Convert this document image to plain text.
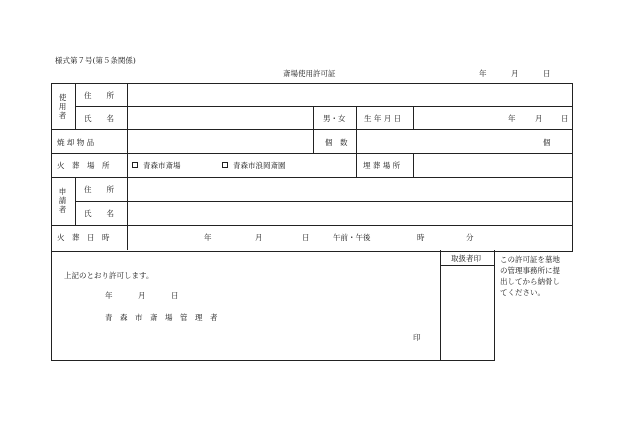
様式第７号(第５条関係)
斎場使用許可証	年	月	日
使
用
者
住　　所
氏　　名	男・女 生 年 月 日	年	月 日
焼 却 物 品	個　数	個
火　葬　場　所	青森市斎場	青森市浪岡斎園	埋 葬 場 所
申
請
者
住　　所
氏　　名
火　葬　日　時	年	月	日	午前・午後	時	分
取扱者印
上記のとおり許可します。
年	月	日
青　森　市　斎　場　管　理　者
印
この許可証を墓地
の管理事務所に提
出してから納骨し
てください。
